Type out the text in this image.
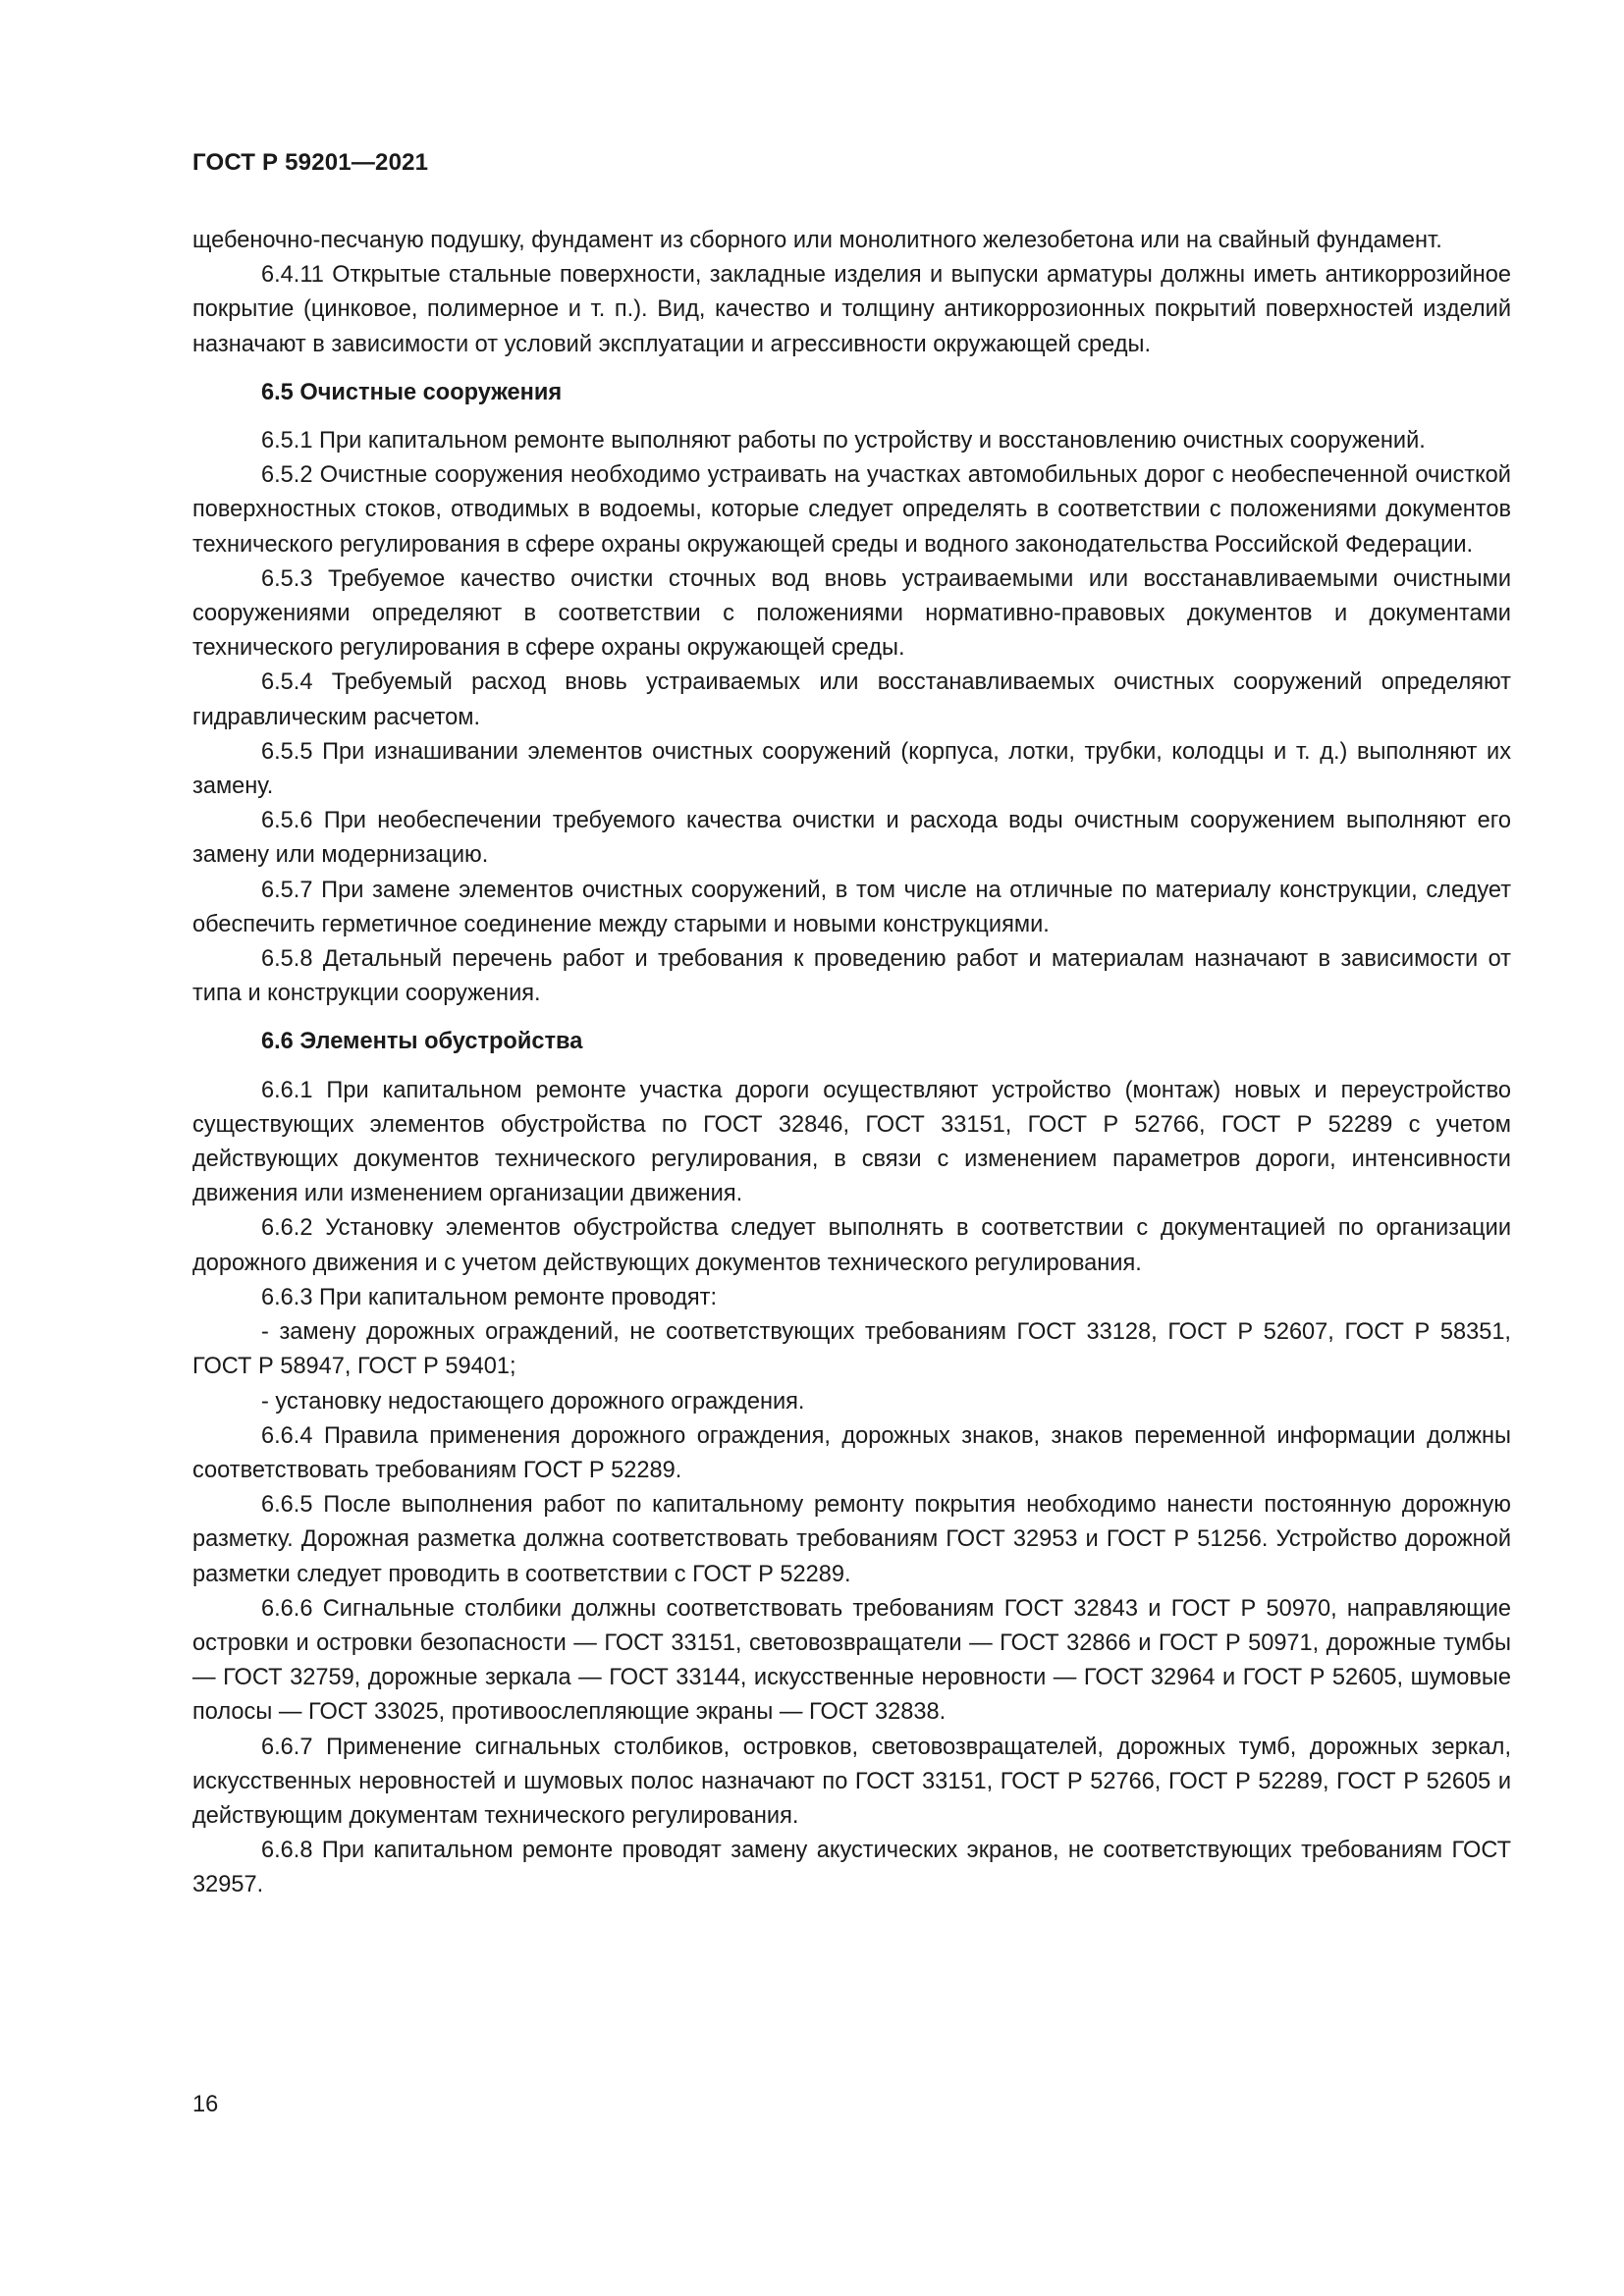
ГОСТ Р 59201—2021

щебеночно-песчаную подушку, фундамент из сборного или монолитного железобетона или на свайный фундамент.

6.4.11 Открытые стальные поверхности, закладные изделия и выпуски арматуры должны иметь антикоррозийное покрытие (цинковое, полимерное и т. п.). Вид, качество и толщину антикоррозионных покрытий поверхностей изделий назначают в зависимости от условий эксплуатации и агрессивности окружающей среды.

6.5 Очистные сооружения

6.5.1 При капитальном ремонте выполняют работы по устройству и восстановлению очистных сооружений.

6.5.2 Очистные сооружения необходимо устраивать на участках автомобильных дорог с необеспеченной очисткой поверхностных стоков, отводимых в водоемы, которые следует определять в соответствии с положениями документов технического регулирования в сфере охраны окружающей среды и водного законодательства Российской Федерации.

6.5.3 Требуемое качество очистки сточных вод вновь устраиваемыми или восстанавливаемыми очистными сооружениями определяют в соответствии с положениями нормативно-правовых документов и документами технического регулирования в сфере охраны окружающей среды.

6.5.4 Требуемый расход вновь устраиваемых или восстанавливаемых очистных сооружений определяют гидравлическим расчетом.

6.5.5 При изнашивании элементов очистных сооружений (корпуса, лотки, трубки, колодцы и т. д.) выполняют их замену.

6.5.6 При необеспечении требуемого качества очистки и расхода воды очистным сооружением выполняют его замену или модернизацию.

6.5.7 При замене элементов очистных сооружений, в том числе на отличные по материалу конструкции, следует обеспечить герметичное соединение между старыми и новыми конструкциями.

6.5.8 Детальный перечень работ и требования к проведению работ и материалам назначают в зависимости от типа и конструкции сооружения.

6.6 Элементы обустройства

6.6.1 При капитальном ремонте участка дороги осуществляют устройство (монтаж) новых и переустройство существующих элементов обустройства по ГОСТ 32846, ГОСТ 33151, ГОСТ Р 52766, ГОСТ Р 52289 с учетом действующих документов технического регулирования, в связи с изменением параметров дороги, интенсивности движения или изменением организации движения.

6.6.2 Установку элементов обустройства следует выполнять в соответствии с документацией по организации дорожного движения и с учетом действующих документов технического регулирования.

6.6.3 При капитальном ремонте проводят:

- замену дорожных ограждений, не соответствующих требованиям ГОСТ 33128, ГОСТ Р 52607, ГОСТ Р 58351, ГОСТ Р 58947, ГОСТ Р 59401;

- установку недостающего дорожного ограждения.

6.6.4 Правила применения дорожного ограждения, дорожных знаков, знаков переменной информации должны соответствовать требованиям ГОСТ Р 52289.

6.6.5 После выполнения работ по капитальному ремонту покрытия необходимо нанести постоянную дорожную разметку. Дорожная разметка должна соответствовать требованиям ГОСТ 32953 и ГОСТ Р 51256. Устройство дорожной разметки следует проводить в соответствии с ГОСТ Р 52289.

6.6.6 Сигнальные столбики должны соответствовать требованиям ГОСТ 32843 и ГОСТ Р 50970, направляющие островки и островки безопасности — ГОСТ 33151, световозвращатели — ГОСТ 32866 и ГОСТ Р 50971, дорожные тумбы — ГОСТ 32759, дорожные зеркала — ГОСТ 33144, искусственные неровности — ГОСТ 32964 и ГОСТ Р 52605, шумовые полосы — ГОСТ 33025, противоослепляющие экраны — ГОСТ 32838.

6.6.7 Применение сигнальных столбиков, островков, световозвращателей, дорожных тумб, дорожных зеркал, искусственных неровностей и шумовых полос назначают по ГОСТ 33151, ГОСТ Р 52766, ГОСТ Р 52289, ГОСТ Р 52605 и действующим документам технического регулирования.

6.6.8 При капитальном ремонте проводят замену акустических экранов, не соответствующих требованиям ГОСТ 32957.

16
